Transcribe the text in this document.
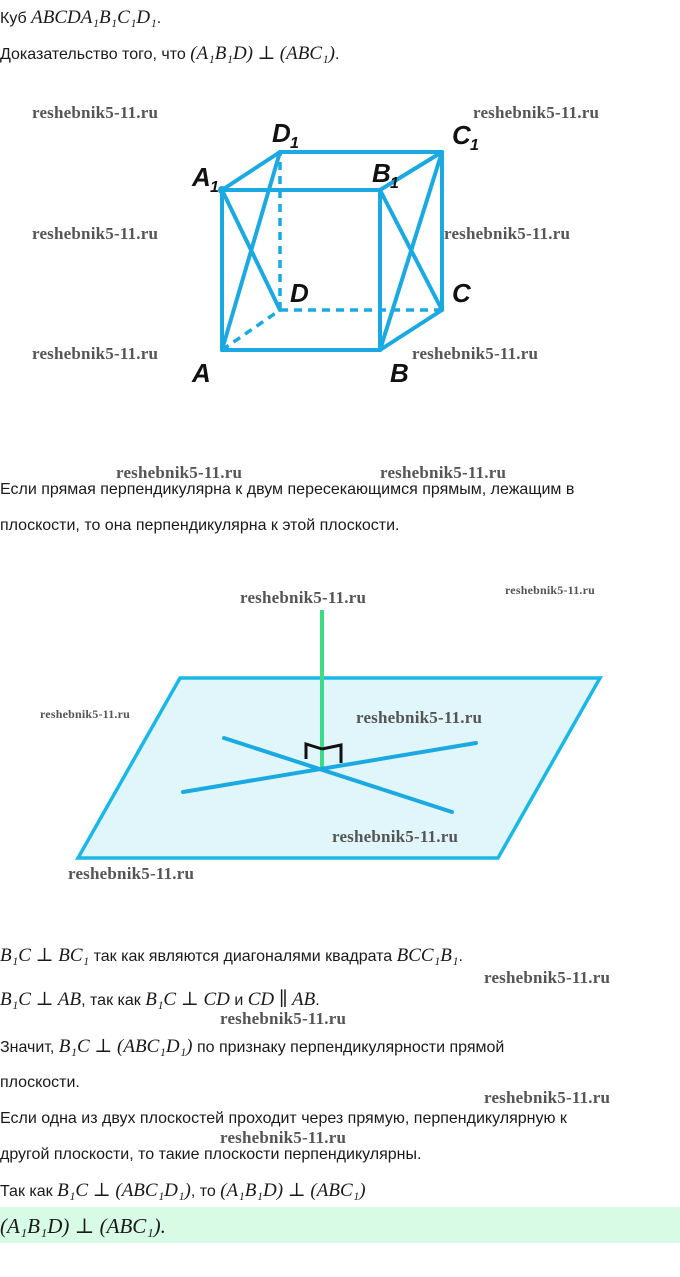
Куб ABCDA₁B₁C₁D₁.
Доказательство того, что (A₁B₁D) ⊥ (ABC₁).
A	B
C
D
A 1	B 1
C 1
D 1
Если прямая перпендикулярна к двум пересекающимся прямым, лежащим в
плоскости, то она перпендикулярна к этой плоскости.
B₁C ⊥ BC₁ так как являются диагоналями квадрата BCC₁B₁.
B₁C ⊥ AB, так как B₁C ⊥ CD и CD ∥ AB.
Значит, B₁C ⊥ (ABC₁D₁) по признаку перпендикулярности прямой
плоскости.
Если одна из двух плоскостей проходит через прямую, перпендикулярную к
другой плоскости, то такие плоскости перпендикулярны.
Так как B₁C ⊥ (ABC₁D₁), то (A₁B₁D) ⊥ (ABC₁)
(A₁B₁D) ⊥ (ABC₁).
reshebnik5-11.ru	reshebnik5-11.ru
reshebnik5-11.ru	reshebnik5-11.ru
reshebnik5-11.ru	reshebnik5-11.ru
reshebnik5-11.ru	reshebnik5-11.ru
reshebnik5-11.ru	reshebnik5-11.ru
reshebnik5-11.ru	reshebnik5-11.ru
reshebnik5-11.ru
reshebnik5-11.ru
reshebnik5-11.ru
reshebnik5-11.ru
reshebnik5-11.ru
reshebnik5-11.ru
